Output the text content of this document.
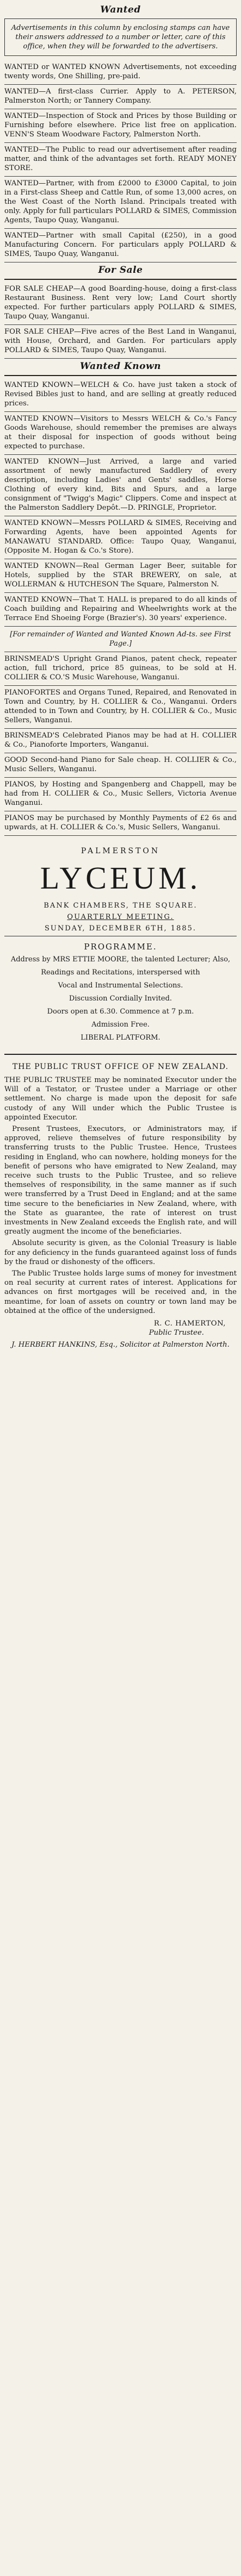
Wanted
Advertisements in this column by enclosing stamps can have their answers addressed to a number or letter, care of this office, when they will be forwarded to the advertisers.
WANTED or WANTED KNOWN Advertisements, not exceeding twenty words, One Shilling, pre-paid.
WANTED—A first-class Currier. Apply to A. PETERSON, Palmerston North; or Tannery Company.
WANTED—Inspection of Stock and Prices by those Building or Furnishing before elsewhere. Price list free on application. VENN'S Steam Woodware Factory, Palmerston North.
WANTED—The Public to read our advertisement after reading matter, and think of the advantages set forth. READY MONEY STORE.
WANTED—Partner, with from £2000 to £3000 Capital, to join in a First-class Sheep and Cattle Run, of some 13,000 acres, on the West Coast of the North Island. Principals treated with only. Apply for full particulars POLLARD & SIMES, Commission Agents, Taupo Quay, Wanganui.
WANTED—Partner with small Capital (£250), in a good Manufacturing Concern. For particulars apply POLLARD & SIMES, Taupo Quay, Wanganui.
For Sale
FOR SALE CHEAP—A good Boarding-house, doing a first-class Restaurant Business. Rent very low; Land Court shortly expected. For further particulars apply POLLARD & SIMES, Taupo Quay, Wanganui.
FOR SALE CHEAP—Five acres of the Best Land in Wanganui, with House, Orchard, and Garden. For particulars apply POLLARD & SIMES, Taupo Quay, Wanganui.
Wanted Known
WANTED KNOWN—WELCH & Co. have just taken a stock of Revised Bibles just to hand, and are selling at greatly reduced prices.
WANTED KNOWN—Visitors to Messrs WELCH & Co.'s Fancy Goods Warehouse, should remember the premises are always at their disposal for inspection of goods without being expected to purchase.
WANTED KNOWN—Just Arrived, a large and varied assortment of newly manufactured Saddlery of every description, including Ladies' and Gents' saddles, Horse Clothing of every kind, Bits and Spurs, and a large consignment of "Twigg's Magic" Clippers. Come and inspect at the Palmerston Saddlery Depôt.—D. PRINGLE, Proprietor.
WANTED KNOWN—Messrs POLLARD & SIMES, Receiving and Forwarding Agents, have been appointed Agents for MANAWATU STANDARD. Office: Taupo Quay, Wanganui, (Opposite M. Hogan & Co.'s Store).
WANTED KNOWN—Real German Lager Beer, suitable for Hotels, supplied by the STAR BREWERY, on sale, at WOLLERMAN & HUTCHESON The Square, Palmerston N.
WANTED KNOWN—That T. HALL is prepared to do all kinds of Coach building and Repairing and Wheelwrights work at the Terrace End Shoeing Forge (Brazier's). 30 years' experience.
[For remainder of Wanted and Wanted Known Ad-ts. see First Page.]
BRINSMEAD'S Upright Grand Pianos, patent check, repeater action, full trichord, price 85 guineas, to be sold at H. COLLIER & CO.'S Music Warehouse, Wanganui.
PIANOFORTES and Organs Tuned, Repaired, and Renovated in Town and Country, by H. COLLIER & Co., Wanganui. Orders attended to in Town and Country, by H. COLLIER & Co., Music Sellers, Wanganui.
BRINSMEAD'S Celebrated Pianos may be had at H. COLLIER & Co., Pianoforte Importers, Wanganui.
GOOD Second-hand Piano for Sale cheap. H. COLLIER & Co., Music Sellers, Wanganui.
PIANOS, by Hosting and Spangenberg and Chappell, may be had from H. COLLIER & Co., Music Sellers, Victoria Avenue Wanganui.
PIANOS may be purchased by Monthly Payments of £2 6s and upwards, at H. COLLIER & Co.'s, Music Sellers, Wanganui.
PALMERSTON
LYCEUM.
BANK CHAMBERS, THE SQUARE.
QUARTERLY MEETING.
SUNDAY, DECEMBER 6TH, 1885.
PROGRAMME.
Address by MRS ETTIE MOORE, the talented Lecturer; Also,
Readings and Recitations, interspersed with
Vocal and Instrumental Selections.
Discussion Cordially Invited.
Doors open at 6.30. Commence at 7 p.m.
Admission Free.
LIBERAL PLATFORM.
THE PUBLIC TRUST OFFICE OF NEW ZEALAND.

THE PUBLIC TRUSTEE may be nominated Executor under the Will of a Testator, or Trustee under a Marriage or other settlement. No charge is made upon the deposit for safe custody of any Will under which the Public Trustee is appointed Executor.

Present Trustees, Executors, or Administrators may, if approved, relieve themselves of future responsibility by transferring trusts to the Public Trustee. Hence, Trustees residing in England, who can nowhere, holding moneys for the benefit of persons who have emigrated to New Zealand, may receive such trusts to the Public Trustee, and so relieve themselves of responsibility, in the same manner as if such were transferred by a Trust Deed in England; and at the same time secure to the beneficiaries in New Zealand, where, with the State as guarantee, the rate of interest on trust investments in New Zealand exceeds the English rate, and will greatly augment the income of the beneficiaries.

Absolute security is given, as the Colonial Treasury is liable for any deficiency in the funds guaranteed against loss of funds by the fraud or dishonesty of the officers.

The Public Trustee holds large sums of money for investment on real security at current rates of interest. Applications for advances on first mortgages will be received and, in the meantime, for loan of assets on country or town land may be obtained at the office of the undersigned.

R. C. HAMERTON,
Public Trustee.
J. HERBERT HANKINS, Esq., Solicitor at Palmerston North.
